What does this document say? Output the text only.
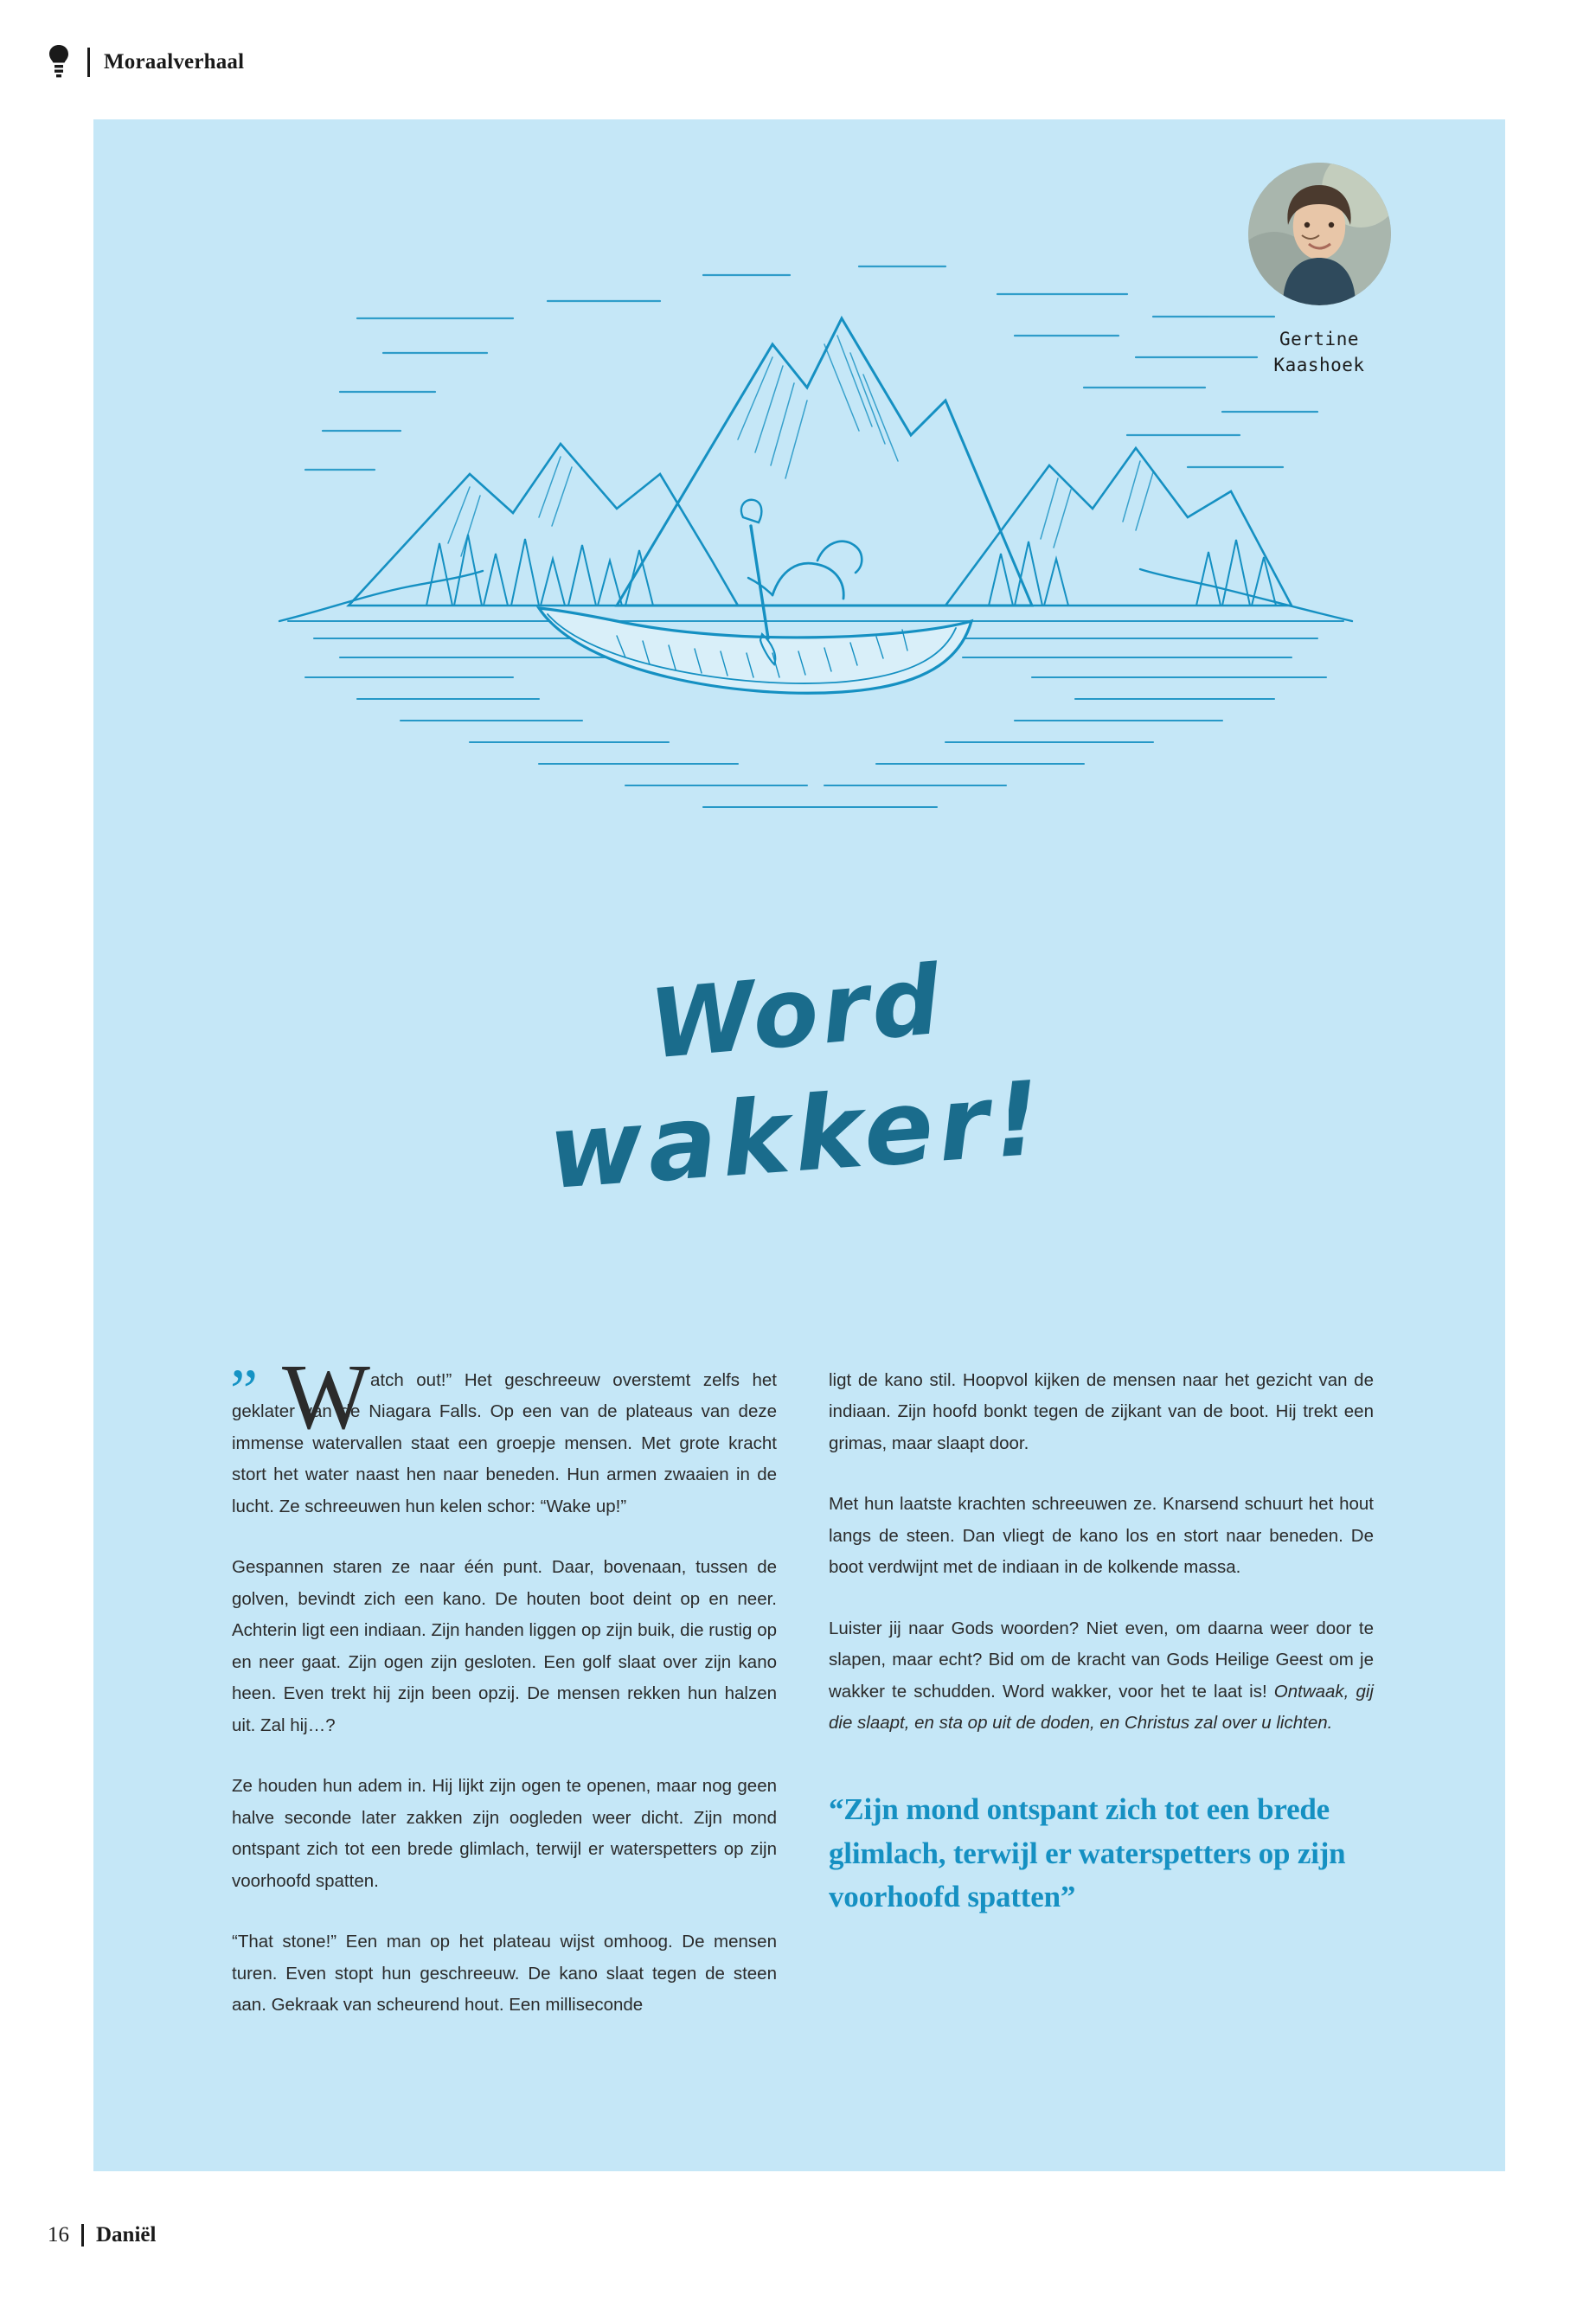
Moraalverhaal
Gertine
Kaashoek
Word
wakker!

” W atch out!” Het geschreeuw overstemt zelfs het geklater van de Niagara Falls. Op een van de plateaus van deze immense watervallen staat een groepje mensen. Met grote kracht stort het water naast hen naar beneden. Hun armen zwaaien in de lucht. Ze schreeuwen hun kelen schor: “Wake up!”

Gespannen staren ze naar één punt. Daar, bovenaan, tussen de golven, bevindt zich een kano. De houten boot deint op en neer. Achterin ligt een indiaan. Zijn handen liggen op zijn buik, die rustig op en neer gaat. Zijn ogen zijn gesloten. Een golf slaat over zijn kano heen. Even trekt hij zijn been opzij. De mensen rekken hun halzen uit. Zal hij…?

Ze houden hun adem in. Hij lijkt zijn ogen te openen, maar nog geen halve seconde later zakken zijn oogleden weer dicht. Zijn mond ontspant zich tot een brede glimlach, terwijl er waterspetters op zijn voorhoofd spatten.

“That stone!” Een man op het plateau wijst omhoog. De mensen turen. Even stopt hun geschreeuw. De kano slaat tegen de steen aan. Gekraak van scheurend hout. Een milliseconde

ligt de kano stil. Hoopvol kijken de mensen naar het gezicht van de indiaan. Zijn hoofd bonkt tegen de zijkant van de boot. Hij trekt een grimas, maar slaapt door.

Met hun laatste krachten schreeuwen ze. Knarsend schuurt het hout langs de steen. Dan vliegt de kano los en stort naar beneden. De boot verdwijnt met de indiaan in de kolkende massa.

Luister jij naar Gods woorden? Niet even, om daarna weer door te slapen, maar echt? Bid om de kracht van Gods Heilige Geest om je wakker te schudden. Word wakker, voor het te laat is! Ontwaak, gij die slaapt, en sta op uit de doden, en Christus zal over u lichten.

“Zijn mond ontspant zich tot een brede glimlach, terwijl er waterspetters op zijn voorhoofd spatten”
16 Daniël
